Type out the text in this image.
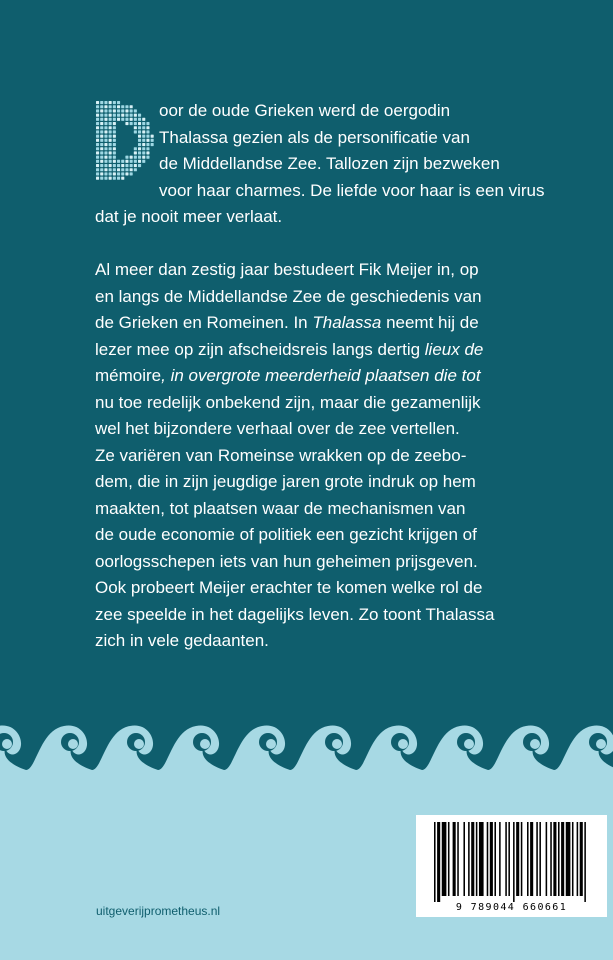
oor de oude Grieken werd de oergodin
Thalassa gezien als de personificatie van
de Middellandse Zee. Tallozen zijn bezweken
voor haar charmes. De liefde voor haar is een virus
dat je nooit meer verlaat.
Al meer dan zestig jaar bestudeert Fik Meijer in, op
en langs de Middellandse Zee de geschiedenis van
de Grieken en Romeinen. In Thalassa neemt hij de
lezer mee op zijn afscheidsreis langs dertig lieux de
mémoire, in overgrote meerderheid plaatsen die tot
nu toe redelijk onbekend zijn, maar die gezamenlijk
wel het bijzondere verhaal over de zee vertellen.
Ze variëren van Romeinse wrakken op de zeebo-
dem, die in zijn jeugdige jaren grote indruk op hem
maakten, tot plaatsen waar de mechanismen van
de oude economie of politiek een gezicht krijgen of
oorlogsschepen iets van hun geheimen prijsgeven.
Ook probeert Meijer erachter te komen welke rol de
zee speelde in het dagelijks leven. Zo toont Thalassa
zich in vele gedaanten.
9 789044 660661
uitgeverijprometheus.nl
